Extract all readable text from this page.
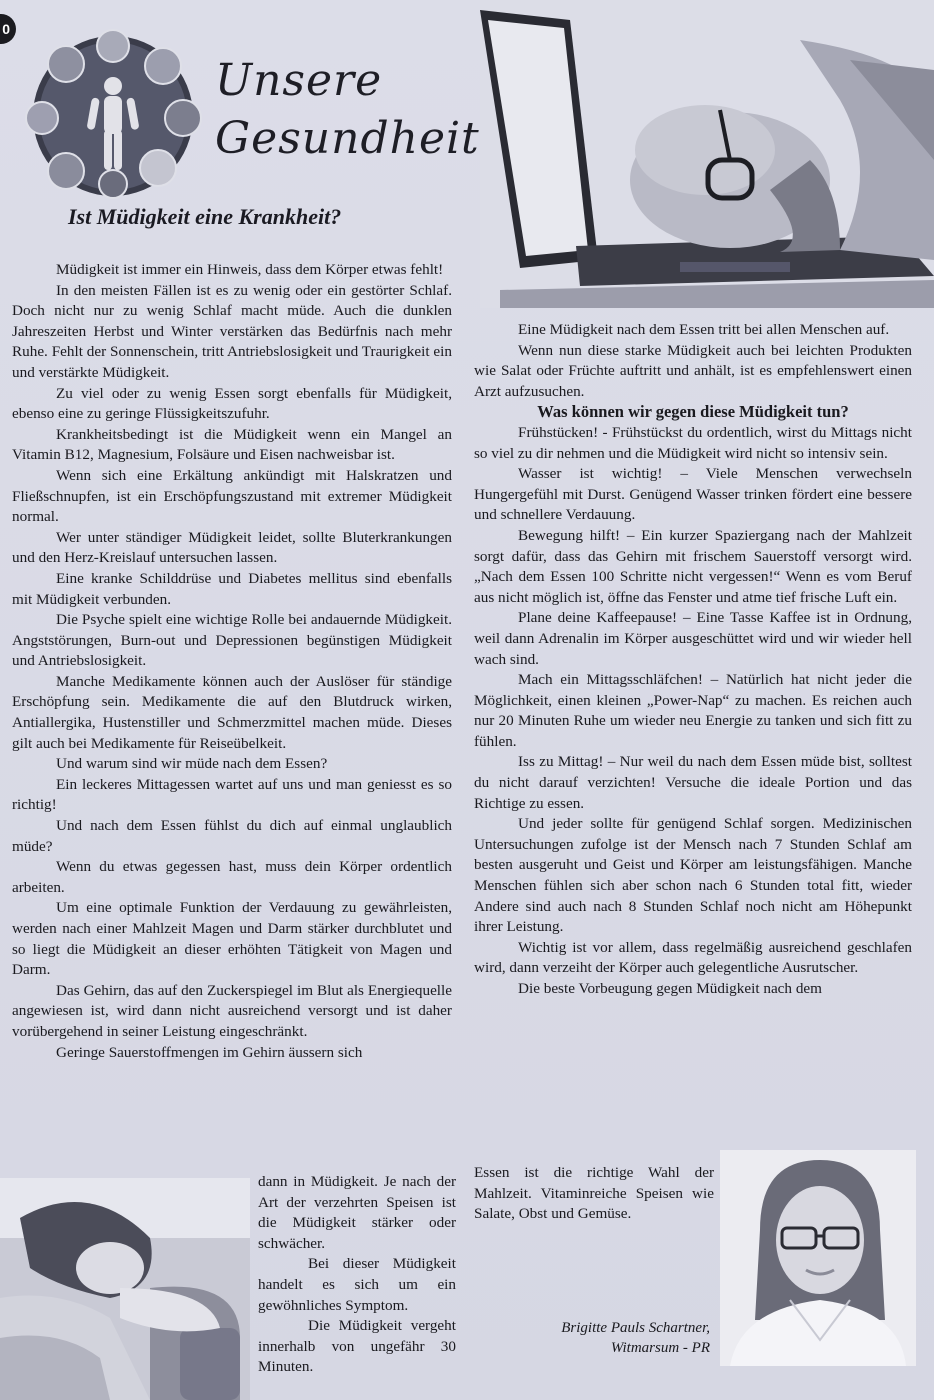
0
Unsere
Gesundheit
Ist Müdigkeit eine Krankheit?

Müdigkeit ist immer ein Hinweis, dass dem Körper etwas fehlt!

In den meisten Fällen ist es zu wenig oder ein gestörter Schlaf. Doch nicht nur zu wenig Schlaf macht müde. Auch die dunklen Jahreszeiten Herbst und Winter verstärken das Bedürfnis nach mehr Ruhe. Fehlt der Sonnenschein, tritt Antriebslosigkeit und Traurigkeit ein und verstärkte Müdigkeit.

Zu viel oder zu wenig Essen sorgt ebenfalls für Müdigkeit, ebenso eine zu geringe Flüssigkeitszufuhr.

Krankheitsbedingt ist die Müdigkeit wenn ein Mangel an Vitamin B12, Magnesium, Folsäure und Eisen nachweisbar ist.

Wenn sich eine Erkältung ankündigt mit Halskratzen und Fließschnupfen, ist ein Erschöpfungszustand mit extremer Müdigkeit normal.

Wer unter ständiger Müdigkeit leidet, sollte Bluterkrankungen und den Herz-Kreislauf untersuchen lassen.

Eine kranke Schilddrüse und Diabetes mellitus sind ebenfalls mit Müdigkeit verbunden.

Die Psyche spielt eine wichtige Rolle bei andauernde Müdigkeit. Angststörungen, Burn-out und Depressionen begünstigen Müdigkeit und Antriebslosigkeit.

Manche Medikamente können auch der Auslöser für ständige Erschöpfung sein. Medikamente die auf den Blutdruck wirken, Antiallergika, Hustenstiller und Schmerzmittel machen müde. Dieses gilt auch bei Medikamente für Reiseübelkeit.

Und warum sind wir müde nach dem Essen?

Ein leckeres Mittagessen wartet auf uns und man geniesst es so richtig!

Und nach dem Essen fühlst du dich auf einmal unglaublich müde?

Wenn du etwas gegessen hast, muss dein Körper ordentlich arbeiten.

Um eine optimale Funktion der Verdauung zu gewährleisten, werden nach einer Mahlzeit Magen und Darm stärker durchblutet und so liegt die Müdigkeit an dieser erhöhten Tätigkeit von Magen und Darm.

Das Gehirn, das auf den Zuckerspiegel im Blut als Energiequelle angewiesen ist, wird dann nicht ausreichend versorgt und ist daher vorübergehend in seiner Leistung eingeschränkt.

Geringe Sauerstoffmengen im Gehirn äussern sich

dann in Müdigkeit. Je nach der Art der verzehrten Speisen ist die Müdigkeit stärker oder schwächer.

Bei dieser Müdigkeit handelt es sich um ein gewöhnliches Symptom.

Die Müdigkeit vergeht innerhalb von ungefähr 30 Minuten.

Eine Müdigkeit nach dem Essen tritt bei allen Menschen auf.

Wenn nun diese starke Müdigkeit auch bei leichten Produkten wie Salat oder Früchte auftritt und anhält, ist es empfehlenswert einen Arzt aufzusuchen.

Was können wir gegen diese Müdigkeit tun?

Frühstücken! - Frühstückst du ordentlich, wirst du Mittags nicht so viel zu dir nehmen und die Müdigkeit wird nicht so intensiv sein.

Wasser ist wichtig! – Viele Menschen verwechseln Hungergefühl mit Durst. Genügend Wasser trinken fördert eine bessere und schnellere Verdauung.

Bewegung hilft! – Ein kurzer Spaziergang nach der Mahlzeit sorgt dafür, dass das Gehirn mit frischem Sauerstoff versorgt wird. „Nach dem Essen 100 Schritte nicht vergessen!“ Wenn es vom Beruf aus nicht möglich ist, öffne das Fenster und atme tief frische Luft ein.

Plane deine Kaffeepause! – Eine Tasse Kaffee ist in Ordnung, weil dann Adrenalin im Körper ausgeschüttet wird und wir wieder hell wach sind.

Mach ein Mittagsschläfchen! – Natürlich hat nicht jeder die Möglichkeit, einen kleinen „Power-Nap“ zu machen. Es reichen auch nur 20 Minuten Ruhe um wieder neu Energie zu tanken und sich fitt zu fühlen.

Iss zu Mittag! – Nur weil du nach dem Essen müde bist, solltest du nicht darauf verzichten! Versuche die ideale Portion und das Richtige zu essen.

Und jeder sollte für genügend Schlaf sorgen. Medizinischen Untersuchungen zufolge ist der Mensch nach 7 Stunden Schlaf am besten ausgeruht und Geist und Körper am leistungsfähigen. Manche Menschen fühlen sich aber schon nach 6 Stunden total fitt, wieder Andere sind auch nach 8 Stunden Schlaf noch nicht am Höhepunkt ihrer Leistung.

Wichtig ist vor allem, dass regelmäßig ausreichend geschlafen wird, dann verzeiht der Körper auch gelegentliche Ausrutscher.

Die beste Vorbeugung gegen Müdigkeit nach dem

Essen ist die richtige Wahl der Mahlzeit. Vitaminreiche Speisen wie Salate, Obst und Gemüse.

Brigitte Pauls Schartner,
Witmarsum - PR
